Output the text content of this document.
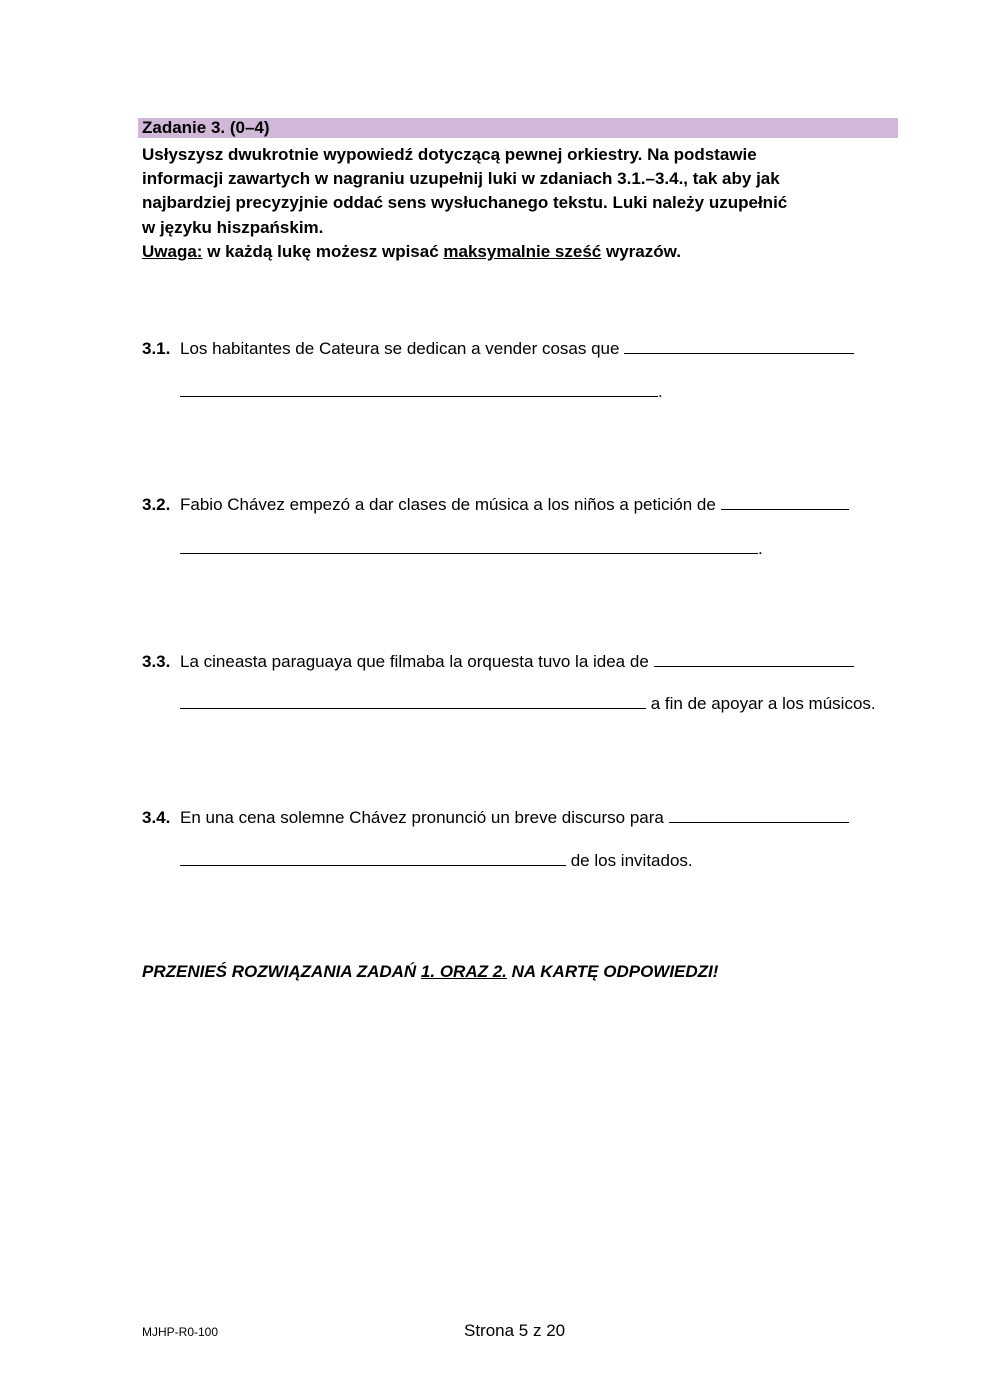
Zadanie 3. (0–4)
Usłyszysz dwukrotnie wypowiedź dotyczącą pewnej orkiestry. Na podstawie
informacji zawartych w nagraniu uzupełnij luki w zdaniach 3.1.–3.4., tak aby jak
najbardziej precyzyjnie oddać sens wysłuchanego tekstu. Luki należy uzupełnić
w języku hiszpańskim.
Uwaga: w każdą lukę możesz wpisać maksymalnie sześć wyrazów.
3.1. Los habitantes de Cateura se dedican a vender cosas que
.
3.2. Fabio Chávez empezó a dar clases de música a los niños a petición de
.
3.3. La cineasta paraguaya que filmaba la orquesta tuvo la idea de
a fin de apoyar a los músicos.
3.4. En una cena solemne Chávez pronunció un breve discurso para
de los invitados.
PRZENIEŚ ROZWIĄZANIA ZADAŃ 1. ORAZ 2. NA KARTĘ ODPOWIEDZI!
MJHP-R0-100	Strona 5 z 20
